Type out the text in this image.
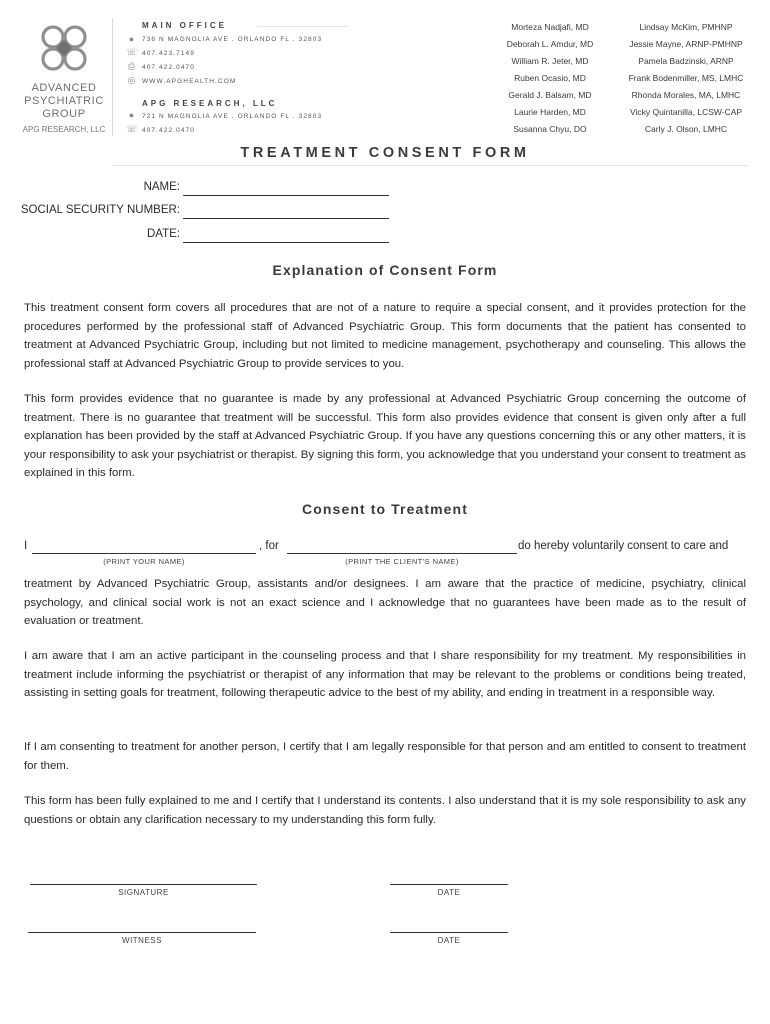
ADVANCED
PSYCHIATRIC
GROUP
APG RESEARCH, LLC
MAIN OFFICE
●	736 N MAGNOLIA AVE . ORLANDO FL . 32803
☏ 407.423.7149
⎙ 407.422.0470
◎ WWW.APGHEALTH.COM
APG RESEARCH, LLC
●	721 N MAGNOLIA AVE . ORLANDO FL . 32803
☏ 407.422.0470
Morteza Nadjafi, MD
Deborah L. Amdur, MD
William R. Jeter, MD
Ruben Ocasio, MD
Gerald J. Balsam, MD
Laurie Harden, MD
Susanna Chyu, DO
Lindsay McKim, PMHNP
Jessie Mayne, ARNP-PMHNP
Pamela Badzinski, ARNP
Frank Bodenmiller, MS, LMHC
Rhonda Morales, MA, LMHC
Vicky Quintanilla, LCSW-CAP
Carly J. Olson, LMHC
TREATMENT CONSENT FORM
NAME:
SOCIAL SECURITY NUMBER:
DATE:
Explanation of Consent Form

This treatment consent form covers all procedures that are not of a nature to require a special consent, and it provides protection for the procedures performed by the professional staff of Advanced Psychiatric Group. This form documents that the patient has consented to treatment at Advanced Psychiatric Group, including but not limited to medicine management, psychotherapy and counseling. This allows the professional staff at Advanced Psychiatric Group to provide services to you.

This form provides evidence that no guarantee is made by any professional at Advanced Psychiatric Group concerning the outcome of treatment. There is no guarantee that treatment will be successful. This form also provides evidence that consent is given only after a full explanation has been provided by the staff at Advanced Psychiatric Group. If you have any questions concerning this or any other matters, it is your responsibility to ask your psychiatrist or therapist. By signing this form, you acknowledge that you understand your consent to treatment as explained in this form.

Consent to Treatment
I	, for	do hereby voluntarily consent to care and
(PRINT YOUR NAME)	(PRINT THE CLIENT’S NAME)

treatment by Advanced Psychiatric Group, assistants and/or designees. I am aware that the practice of medicine, psychiatry, clinical psychology, and clinical social work is not an exact science and I acknowledge that no guarantees have been made as to the result of evaluation or treatment.

I am aware that I am an active participant in the counseling process and that I share responsibility for my treatment. My responsibilities in treatment include informing the psychiatrist or therapist of any information that may be relevant to the problems or conditions being treated, assisting in setting goals for treatment, following therapeutic advice to the best of my ability, and ending in treatment in a responsible way.

If I am consenting to treatment for another person, I certify that I am legally responsible for that person and am entitled to consent to treatment for them.

This form has been fully explained to me and I certify that I understand its contents. I also understand that it is my sole responsibility to ask any questions or obtain any clarification necessary to my understanding this form fully.

SIGNATURE	DATE
WITNESS	DATE
